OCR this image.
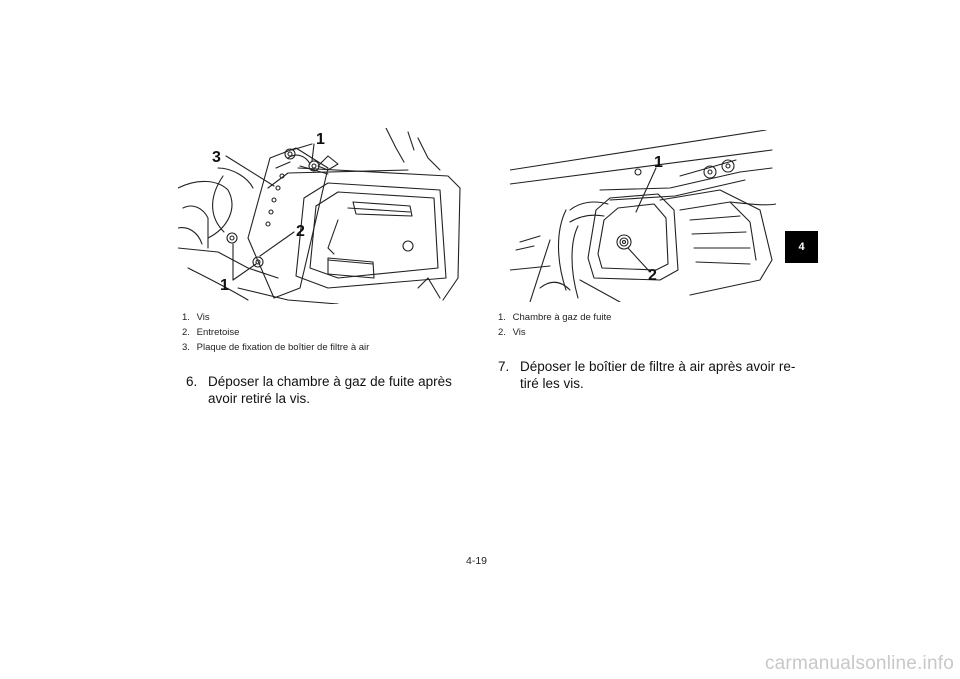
1
2
3
1
1
2
1. Vis
2. Entretoise
3. Plaque de fixation de boîtier de filtre à air
1. Chambre à gaz de fuite
2. Vis
6. Déposer la chambre à gaz de fuite après avoir retiré la vis.
7. Déposer le boîtier de filtre à air après avoir re-tiré les vis.
4-19
4
carmanualsonline.info
